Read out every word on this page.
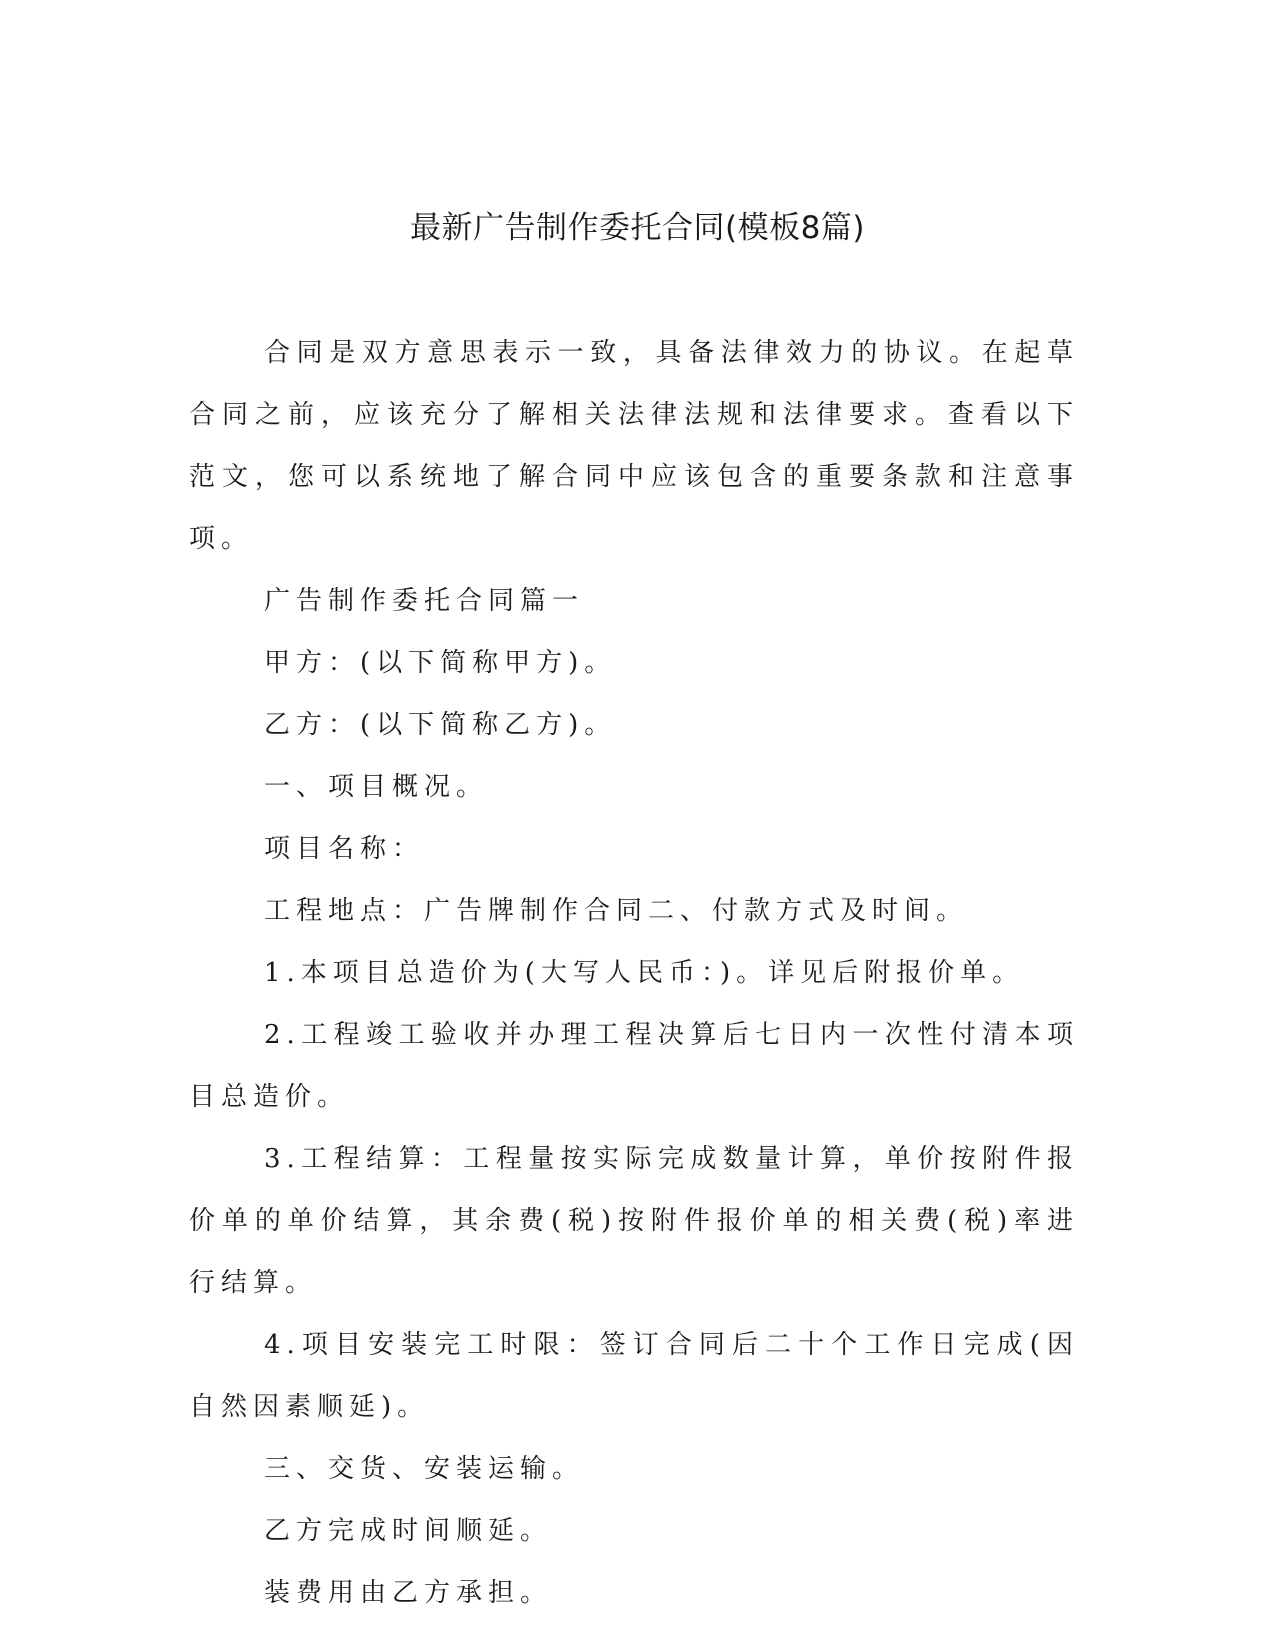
最新广告制作委托合同(模板8篇)

合同是双方意思表示一致，具备法律效力的协议。在起草合同之前，应该充分了解相关法律法规和法律要求。查看以下范文，您可以系统地了解合同中应该包含的重要条款和注意事项。

广告制作委托合同篇一

甲方：(以下简称甲方)。

乙方：(以下简称乙方)。

一、项目概况。

项目名称：

工程地点：广告牌制作合同二、付款方式及时间。

1.本项目总造价为(大写人民币：)。详见后附报价单。

2.工程竣工验收并办理工程决算后七日内一次性付清本项目总造价。

3.工程结算：工程量按实际完成数量计算，单价按附件报价单的单价结算，其余费(税)按附件报价单的相关费(税)率进行结算。

4.项目安装完工时限：签订合同后二十个工作日完成(因自然因素顺延)。

三、交货、安装运输。

乙方完成时间顺延。

装费用由乙方承担。
